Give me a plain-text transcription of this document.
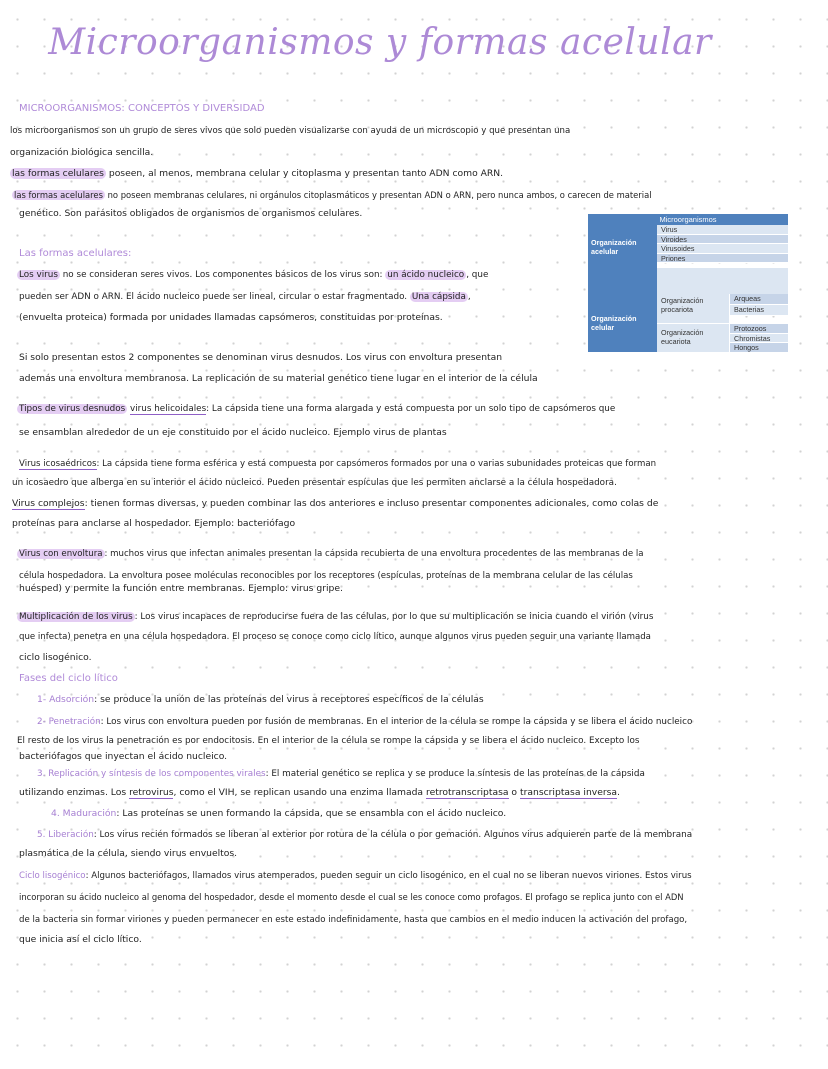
Microorganismos y formas acelular
MICROORGANISMOS: CONCEPTOS Y DIVERSIDAD
los microorganismos son un grupo de seres vivos que solo pueden visualizarse con ayuda de un microscopio y que presentan una
organización biológica sencilla.
las formas celulares poseen, al menos, membrana celular y citoplasma y presentan tanto ADN como ARN.
las formas acelulares no poseen membranas celulares, ni orgánulos citoplasmáticos y presentan ADN o ARN, pero nunca ambos, o carecen de material
genético. Son parásitos obligados de organismos de organismos celulares.
Microorganismos
Organización acelular
Virus
Viroides
Virusoides
Priones
Organización celular
Organización procariota
Arqueas
Bacterias
Organización eucariota
Protozoos
Chromistas
Hongos
Las formas acelulares:
Los virus no se consideran seres vivos. Los componentes básicos de los virus son: un ácido nucleico , que
pueden ser ADN o ARN. El ácido nucleico puede ser lineal, circular o estar fragmentado. Una cápsida ,
(envuelta proteica) formada por unidades llamadas capsómeros, constituidas por proteínas.
Si solo presentan estos 2 componentes se denominan virus desnudos. Los virus con envoltura presentan
además una envoltura membranosa. La replicación de su material genético tiene lugar en el interior de la célula
Tipos de virus desnudos virus helicoidales: La cápsida tiene una forma alargada y está compuesta por un solo tipo de capsómeros que
se ensamblan alrededor de un eje constituido por el ácido nucleico. Ejemplo virus de plantas
Virus icosaédricos: La cápsida tiene forma esférica y está compuesta por capsómeros formados por una o varias subunidades proteicas que forman
un icosaedro que alberga en su interior el ácido nucleico. Pueden presentar espículas que les permiten anclarse a la célula hospedadora.
Virus complejos: tienen formas diversas, y pueden combinar las dos anteriores e incluso presentar componentes adicionales, como colas de
proteínas para anclarse al hospedador. Ejemplo: bacteriófago
Virus con envoltura : muchos virus que infectan animales presentan la cápsida recubierta de una envoltura procedentes de las membranas de la
célula hospedadora. La envoltura posee moléculas reconocibles por los receptores (espículas, proteínas de la membrana celular de las células
huésped) y permite la función entre membranas. Ejemplo: virus gripe.
Multiplicación de los virus : Los virus incapaces de reproducirse fuera de las células, por lo que su multiplicación se inicia cuando el virión (virus
que infecta) penetra en una célula hospedadora. El proceso se conoce como ciclo lítico, aunque algunos virus pueden seguir una variante llamada
ciclo lisogénico.
Fases del ciclo lítico
1- Adsorción: se produce la unión de las proteínas del virus a receptores específicos de la células
2- Penetración: Los virus con envoltura pueden por fusión de membranas. En el interior de la célula se rompe la cápsida y se libera el ácido nucleico
El resto de los virus la penetración es por endocitosis. En el interior de la célula se rompe la cápsida y se libera el ácido nucleico. Excepto los
bacteriófagos que inyectan el ácido nucleico.
3. Replicación y síntesis de los componentes virales: El material genético se replica y se produce la síntesis de las proteínas de la cápsida
utilizando enzimas. Los retrovirus, como el VIH, se replican usando una enzima llamada retrotranscriptasa o transcriptasa inversa.
4. Maduración: Las proteínas se unen formando la cápsida, que se ensambla con el ácido nucleico.
5. Liberación: Los virus recién formados se liberan al exterior por rotura de la célula o por gemación. Algunos virus adquieren parte de la membrana
plasmática de la célula, siendo virus envueltos.
Ciclo lisogénico: Algunos bacteriófagos, llamados virus atemperados, pueden seguir un ciclo lisogénico, en el cual no se liberan nuevos viriones. Estos virus
incorporan su ácido nucleico al genoma del hospedador, desde el momento desde el cual se les conoce como profagos. El profago se replica junto con el ADN
de la bacteria sin formar viriones y pueden permanecer en este estado indefinidamente, hasta que cambios en el medio inducen la activación del profago,
que inicia así el ciclo lítico.
